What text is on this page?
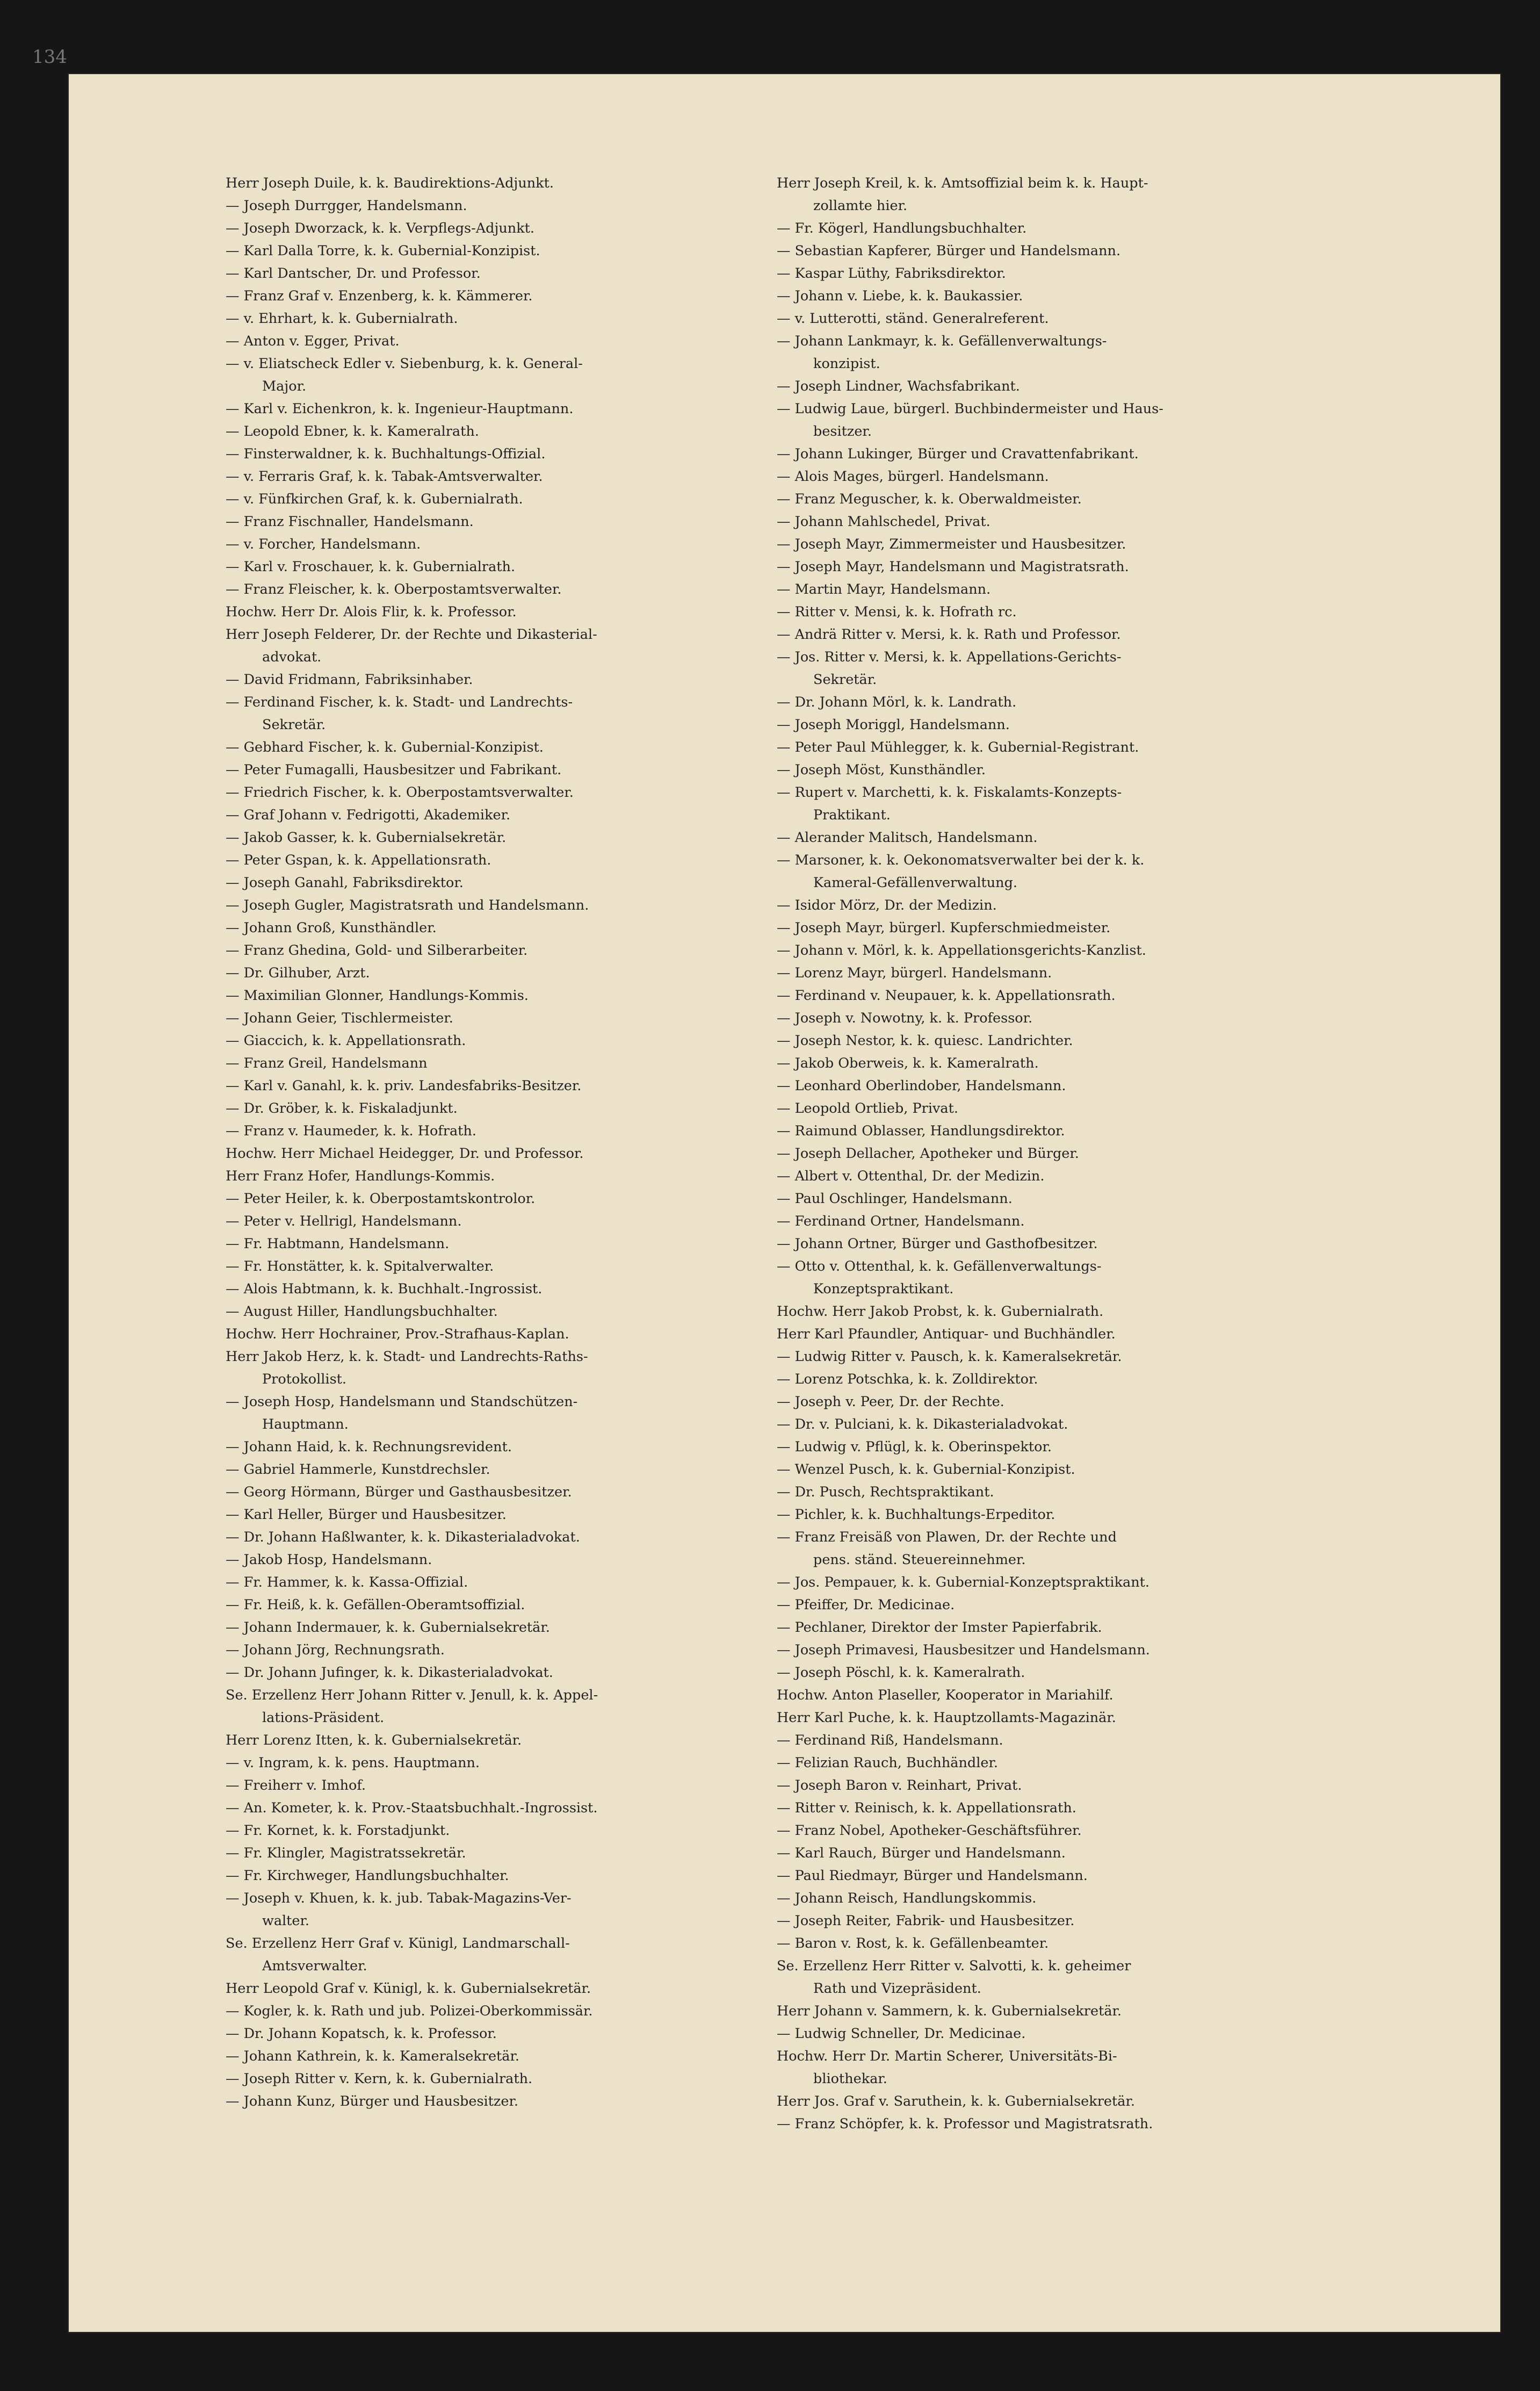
134
Herr Joseph Duile, k. k. Baudirektions-Adjunkt.
— Joseph Durrgger, Handelsmann.
— Joseph Dworzack, k. k. Verpflegs-Adjunkt.
— Karl Dalla Torre, k. k. Gubernial-Konzipist.
— Karl Dantscher, Dr. und Professor.
— Franz Graf v. Enzenberg, k. k. Kämmerer.
— v. Ehrhart, k. k. Gubernialrath.
— Anton v. Egger, Privat.
— v. Eliatscheck Edler v. Siebenburg, k. k. General-
Major.
— Karl v. Eichenkron, k. k. Ingenieur-Hauptmann.
— Leopold Ebner, k. k. Kameralrath.
— Finsterwaldner, k. k. Buchhaltungs-Offizial.
— v. Ferraris Graf, k. k. Tabak-Amtsverwalter.
— v. Fünfkirchen Graf, k. k. Gubernialrath.
— Franz Fischnaller, Handelsmann.
— v. Forcher, Handelsmann.
— Karl v. Froschauer, k. k. Gubernialrath.
— Franz Fleischer, k. k. Oberpostamtsverwalter.
Hochw. Herr Dr. Alois Flir, k. k. Professor.
Herr Joseph Felderer, Dr. der Rechte und Dikasterial-
advokat.
— David Fridmann, Fabriksinhaber.
— Ferdinand Fischer, k. k. Stadt- und Landrechts-
Sekretär.
— Gebhard Fischer, k. k. Gubernial-Konzipist.
— Peter Fumagalli, Hausbesitzer und Fabrikant.
— Friedrich Fischer, k. k. Oberpostamtsverwalter.
— Graf Johann v. Fedrigotti, Akademiker.
— Jakob Gasser, k. k. Gubernialsekretär.
— Peter Gspan, k. k. Appellationsrath.
— Joseph Ganahl, Fabriksdirektor.
— Joseph Gugler, Magistratsrath und Handelsmann.
— Johann Groß, Kunsthändler.
— Franz Ghedina, Gold- und Silberarbeiter.
— Dr. Gilhuber, Arzt.
— Maximilian Glonner, Handlungs-Kommis.
— Johann Geier, Tischlermeister.
— Giaccich, k. k. Appellationsrath.
— Franz Greil, Handelsmann
— Karl v. Ganahl, k. k. priv. Landesfabriks-Besitzer.
— Dr. Gröber, k. k. Fiskaladjunkt.
— Franz v. Haumeder, k. k. Hofrath.
Hochw. Herr Michael Heidegger, Dr. und Professor.
Herr Franz Hofer, Handlungs-Kommis.
— Peter Heiler, k. k. Oberpostamtskontrolor.
— Peter v. Hellrigl, Handelsmann.
— Fr. Habtmann, Handelsmann.
— Fr. Honstätter, k. k. Spitalverwalter.
— Alois Habtmann, k. k. Buchhalt.-Ingrossist.
— August Hiller, Handlungsbuchhalter.
Hochw. Herr Hochrainer, Prov.-Strafhaus-Kaplan.
Herr Jakob Herz, k. k. Stadt- und Landrechts-Raths-
Protokollist.
— Joseph Hosp, Handelsmann und Standschützen-
Hauptmann.
— Johann Haid, k. k. Rechnungsrevident.
— Gabriel Hammerle, Kunstdrechsler.
— Georg Hörmann, Bürger und Gasthausbesitzer.
— Karl Heller, Bürger und Hausbesitzer.
— Dr. Johann Haßlwanter, k. k. Dikasterialadvokat.
— Jakob Hosp, Handelsmann.
— Fr. Hammer, k. k. Kassa-Offizial.
— Fr. Heiß, k. k. Gefällen-Oberamtsoffizial.
— Johann Indermauer, k. k. Gubernialsekretär.
— Johann Jörg, Rechnungsrath.
— Dr. Johann Jufinger, k. k. Dikasterialadvokat.
Se. Erzellenz Herr Johann Ritter v. Jenull, k. k. Appel-
lations-Präsident.
Herr Lorenz Itten, k. k. Gubernialsekretär.
— v. Ingram, k. k. pens. Hauptmann.
— Freiherr v. Imhof.
— An. Kometer, k. k. Prov.-Staatsbuchhalt.-Ingrossist.
— Fr. Kornet, k. k. Forstadjunkt.
— Fr. Klingler, Magistratssekretär.
— Fr. Kirchweger, Handlungsbuchhalter.
— Joseph v. Khuen, k. k. jub. Tabak-Magazins-Ver-
walter.
Se. Erzellenz Herr Graf v. Künigl, Landmarschall-
Amtsverwalter.
Herr Leopold Graf v. Künigl, k. k. Gubernialsekretär.
— Kogler, k. k. Rath und jub. Polizei-Oberkommissär.
— Dr. Johann Kopatsch, k. k. Professor.
— Johann Kathrein, k. k. Kameralsekretär.
— Joseph Ritter v. Kern, k. k. Gubernialrath.
— Johann Kunz, Bürger und Hausbesitzer.
Herr Joseph Kreil, k. k. Amtsoffizial beim k. k. Haupt-
zollamte hier.
— Fr. Kögerl, Handlungsbuchhalter.
— Sebastian Kapferer, Bürger und Handelsmann.
— Kaspar Lüthy, Fabriksdirektor.
— Johann v. Liebe, k. k. Baukassier.
— v. Lutterotti, ständ. Generalreferent.
— Johann Lankmayr, k. k. Gefällenverwaltungs-
konzipist.
— Joseph Lindner, Wachsfabrikant.
— Ludwig Laue, bürgerl. Buchbindermeister und Haus-
besitzer.
— Johann Lukinger, Bürger und Cravattenfabrikant.
— Alois Mages, bürgerl. Handelsmann.
— Franz Meguscher, k. k. Oberwaldmeister.
— Johann Mahlschedel, Privat.
— Joseph Mayr, Zimmermeister und Hausbesitzer.
— Joseph Mayr, Handelsmann und Magistratsrath.
— Martin Mayr, Handelsmann.
— Ritter v. Mensi, k. k. Hofrath rc.
— Andrä Ritter v. Mersi, k. k. Rath und Professor.
— Jos. Ritter v. Mersi, k. k. Appellations-Gerichts-
Sekretär.
— Dr. Johann Mörl, k. k. Landrath.
— Joseph Moriggl, Handelsmann.
— Peter Paul Mühlegger, k. k. Gubernial-Registrant.
— Joseph Möst, Kunsthändler.
— Rupert v. Marchetti, k. k. Fiskalamts-Konzepts-
Praktikant.
— Alerander Malitsch, Handelsmann.
— Marsoner, k. k. Oekonomatsverwalter bei der k. k.
Kameral-Gefällenverwaltung.
— Isidor Mörz, Dr. der Medizin.
— Joseph Mayr, bürgerl. Kupferschmiedmeister.
— Johann v. Mörl, k. k. Appellationsgerichts-Kanzlist.
— Lorenz Mayr, bürgerl. Handelsmann.
— Ferdinand v. Neupauer, k. k. Appellationsrath.
— Joseph v. Nowotny, k. k. Professor.
— Joseph Nestor, k. k. quiesc. Landrichter.
— Jakob Oberweis, k. k. Kameralrath.
— Leonhard Oberlindober, Handelsmann.
— Leopold Ortlieb, Privat.
— Raimund Oblasser, Handlungsdirektor.
— Joseph Dellacher, Apotheker und Bürger.
— Albert v. Ottenthal, Dr. der Medizin.
— Paul Oschlinger, Handelsmann.
— Ferdinand Ortner, Handelsmann.
— Johann Ortner, Bürger und Gasthofbesitzer.
— Otto v. Ottenthal, k. k. Gefällenverwaltungs-
Konzeptspraktikant.
Hochw. Herr Jakob Probst, k. k. Gubernialrath.
Herr Karl Pfaundler, Antiquar- und Buchhändler.
— Ludwig Ritter v. Pausch, k. k. Kameralsekretär.
— Lorenz Potschka, k. k. Zolldirektor.
— Joseph v. Peer, Dr. der Rechte.
— Dr. v. Pulciani, k. k. Dikasterialadvokat.
— Ludwig v. Pflügl, k. k. Oberinspektor.
— Wenzel Pusch, k. k. Gubernial-Konzipist.
— Dr. Pusch, Rechtspraktikant.
— Pichler, k. k. Buchhaltungs-Erpeditor.
— Franz Freisäß von Plawen, Dr. der Rechte und
pens. ständ. Steuereinnehmer.
— Jos. Pempauer, k. k. Gubernial-Konzeptspraktikant.
— Pfeiffer, Dr. Medicinae.
— Pechlaner, Direktor der Imster Papierfabrik.
— Joseph Primavesi, Hausbesitzer und Handelsmann.
— Joseph Pöschl, k. k. Kameralrath.
Hochw. Anton Plaseller, Kooperator in Mariahilf.
Herr Karl Puche, k. k. Hauptzollamts-Magazinär.
— Ferdinand Riß, Handelsmann.
— Felizian Rauch, Buchhändler.
— Joseph Baron v. Reinhart, Privat.
— Ritter v. Reinisch, k. k. Appellationsrath.
— Franz Nobel, Apotheker-Geschäftsführer.
— Karl Rauch, Bürger und Handelsmann.
— Paul Riedmayr, Bürger und Handelsmann.
— Johann Reisch, Handlungskommis.
— Joseph Reiter, Fabrik- und Hausbesitzer.
— Baron v. Rost, k. k. Gefällenbeamter.
Se. Erzellenz Herr Ritter v. Salvotti, k. k. geheimer
Rath und Vizepräsident.
Herr Johann v. Sammern, k. k. Gubernialsekretär.
— Ludwig Schneller, Dr. Medicinae.
Hochw. Herr Dr. Martin Scherer, Universitäts-Bi-
bliothekar.
Herr Jos. Graf v. Saruthein, k. k. Gubernialsekretär.
— Franz Schöpfer, k. k. Professor und Magistratsrath.
